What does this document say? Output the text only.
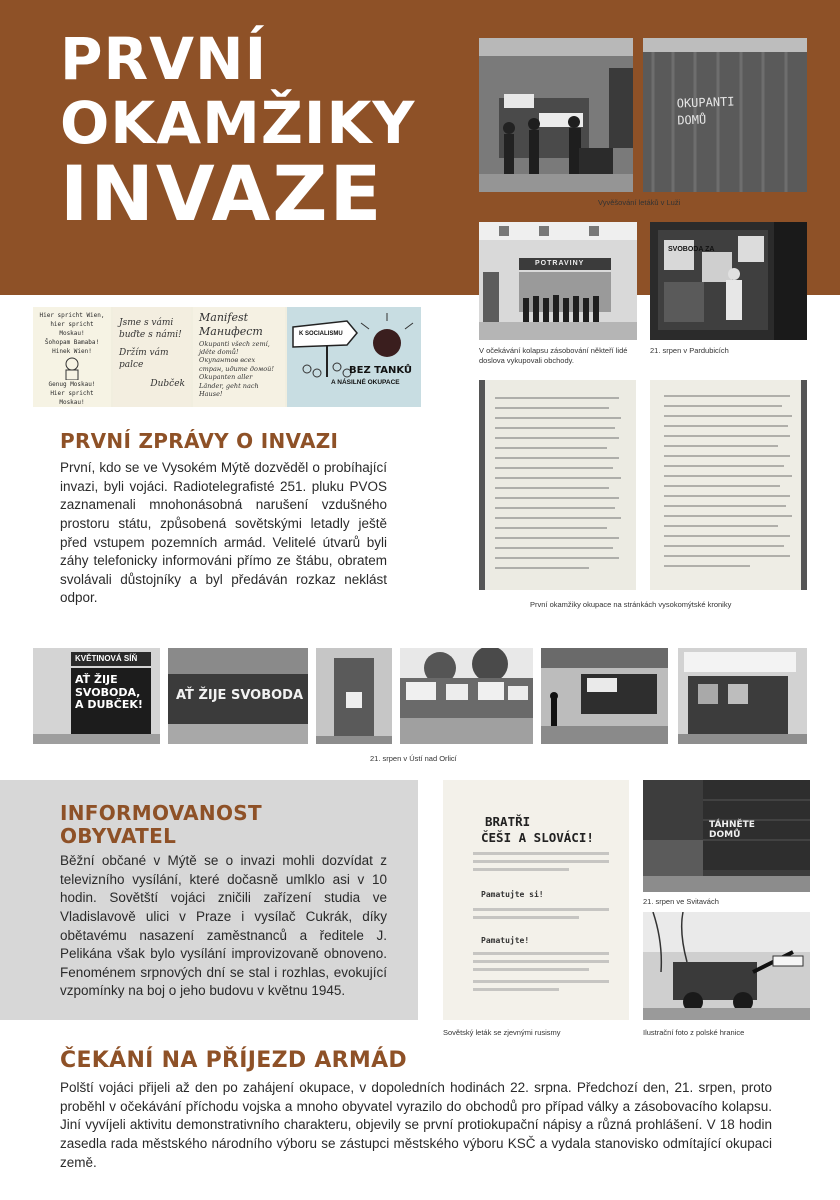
PRVNÍ
OKAMŽIKY
INVAZE
OKUPANTI DOMŮ
Vyvěšování letáků v Luži
POTRAVINY
SVOBODA ZA
V očekávání kolapsu zásobování někteří lidé doslova vykupovali obchody.
21. srpen v Pardubicích
Hier spricht Wien, hier spricht Moskau!
Šohopam Bamaba!
Hinek Wien!
Genug Moskau!
Hier spricht Moskau!
Jsme s vámi
buďte s námi!
Držím vám
palce
Dubček
Manifest
Манифест
Okupanti všech zemí, jděte domů!
Окупантов всех стран, идите домой!
Okupanten aller Länder, geht nach Hause!
K SOCIALISMU
BEZ TANKŮ
A NÁSILNÉ OKUPACE
PRVNÍ ZPRÁVY O INVAZI

První, kdo se ve Vysokém Mýtě dozvěděl o probíhající invazi, byli vojáci. Radiotelegrafisté 251. pluku PVOS zaznamenali mnohonásobná narušení vzdušného prostoru státu, způsobená sovětskými letadly ještě před vstupem pozemních armád. Velitelé útvarů byli záhy telefonicky informováni přímo ze štábu, obratem svolávali důstojníky a byl předáván rozkaz neklást odpor.	První okamžiky okupace na stránkách vysokomýtské kroniky
KVĚTINOVÁ SÍŇ
AŤ ŽIJE SVOBODA, A DUBČEK!
AŤ ŽIJE SVOBODA
21. srpen v Ústí nad Orlicí
INFORMOVANOST
OBYVATEL

Běžní občané v Mýtě se o invazi mohli dozvídat z televizního vysílání, které dočasně umlklo asi v 10 hodin. Sovětští vojáci zničili zařízení studia ve Vladislavově ulici v Praze i vysílač Cukrák, díky obětavému nasazení zaměstnanců a ředitele J. Pelikána však bylo vysílání improvizovaně obnoveno. Fenoménem srpnových dní se stal i rozhlas, evokující vzpomínky na boj o jeho budovu v květnu 1945.

BRATŘI
ČEŠI A SLOVÁCI!
Pamatujte si!
Pamatujte!
Sovětský leták se zjevnými rusismy
TÁHNĚTE DOMŮ
21. srpen ve Svitavách
Ilustrační foto z polské hranice
ČEKÁNÍ NA PŘÍJEZD ARMÁD

Polští vojáci přijeli až den po zahájení okupace, v dopoledních hodinách 22. srpna. Předchozí den, 21. srpen, proto proběhl v očekávání příchodu vojska a mnoho obyvatel vyrazilo do obchodů pro případ války a zásobovacího kolapsu. Jiní vyvíjeli aktivitu demonstrativního charakteru, objevily se první protiokupační nápisy a různá prohlášení. V 18 hodin zasedla rada městského národního výboru se zástupci městského výboru KSČ a vydala stanovisko odmítající okupaci země.
